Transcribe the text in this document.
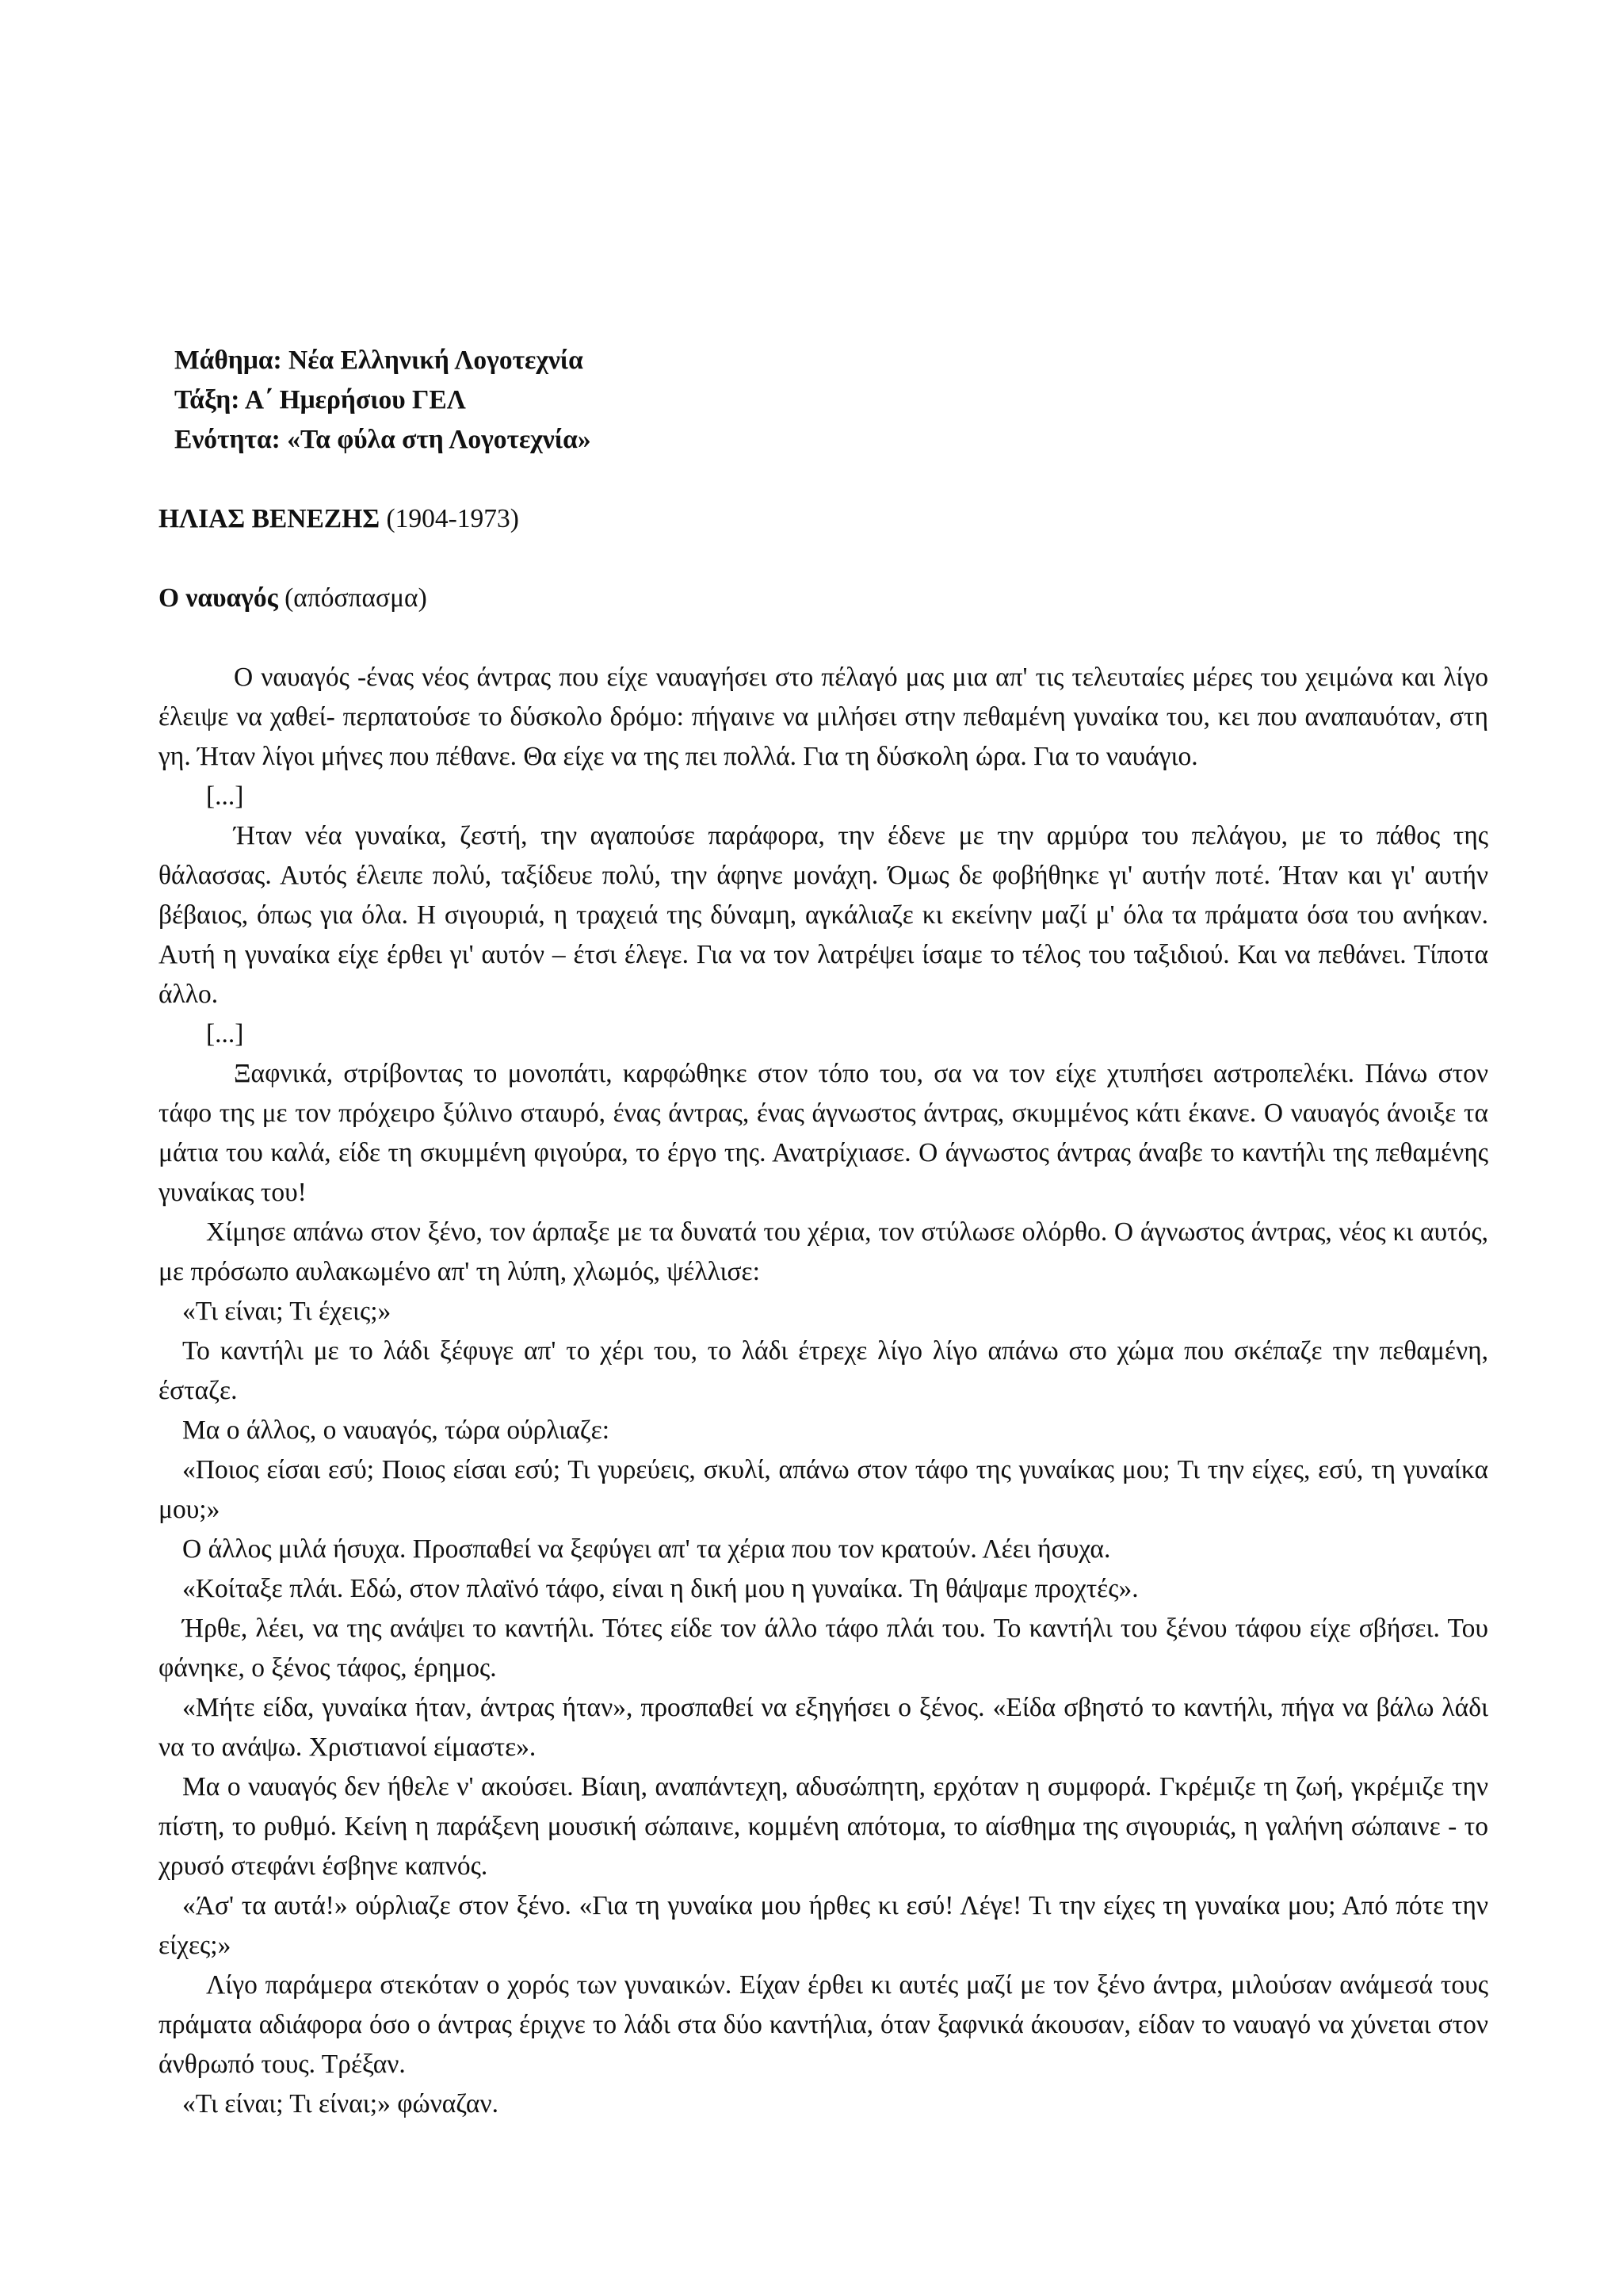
Μάθημα: Νέα Ελληνική Λογοτεχνία
Τάξη: Α΄ Ημερήσιου ΓΕΛ
Ενότητα: «Τα φύλα στη Λογοτεχνία»
ΗΛΙΑΣ ΒΕΝΕΖΗΣ (1904-1973)
Ο ναυαγός (απόσπασμα)

Ο ναυαγός -ένας νέος άντρας που είχε ναυαγήσει στο πέλαγό μας μια απ' τις τελευταίες μέρες του χειμώνα και λίγο έλειψε να χαθεί- περπατούσε το δύσκολο δρόμο: πήγαινε να μιλήσει στην πεθαμένη γυναίκα του, κει που αναπαυόταν, στη γη. Ήταν λίγοι μήνες που πέθανε. Θα είχε να της πει πολλά. Για τη δύσκολη ώρα. Για το ναυάγιο.

[...]

Ήταν νέα γυναίκα, ζεστή, την αγαπούσε παράφορα, την έδενε με την αρμύρα του πελάγου, με το πάθος της θάλασσας. Αυτός έλειπε πολύ, ταξίδευε πολύ, την άφηνε μονάχη. Όμως δε φοβήθηκε γι' αυτήν ποτέ. Ήταν και γι' αυτήν βέβαιος, όπως για όλα. Η σιγουριά, η τραχειά της δύναμη, αγκάλιαζε κι εκείνην μαζί μ' όλα τα πράματα όσα του ανήκαν. Αυτή η γυναίκα είχε έρθει γι' αυτόν – έτσι έλεγε. Για να τον λατρέψει ίσαμε το τέλος του ταξιδιού. Και να πεθάνει. Τίποτα άλλο.

[...]

Ξαφνικά, στρίβοντας το μονοπάτι, καρφώθηκε στον τόπο του, σα να τον είχε χτυπήσει αστροπελέκι. Πάνω στον τάφο της με τον πρόχειρο ξύλινο σταυρό, ένας άντρας, ένας άγνωστος άντρας, σκυμμένος κάτι έκανε. Ο ναυαγός άνοιξε τα μάτια του καλά, είδε τη σκυμμένη φιγούρα, το έργο της. Ανατρίχιασε. Ο άγνωστος άντρας άναβε το καντήλι της πεθαμένης γυναίκας του!

Χίμησε απάνω στον ξένο, τον άρπαξε με τα δυνατά του χέρια, τον στύλωσε ολόρθο. Ο άγνωστος άντρας, νέος κι αυτός, με πρόσωπο αυλακωμένο απ' τη λύπη, χλωμός, ψέλλισε:

«Τι είναι; Τι έχεις;»

Το καντήλι με το λάδι ξέφυγε απ' το χέρι του, το λάδι έτρεχε λίγο λίγο απάνω στο χώμα που σκέπαζε την πεθαμένη, έσταζε.

Μα ο άλλος, ο ναυαγός, τώρα ούρλιαζε:

«Ποιος είσαι εσύ; Ποιος είσαι εσύ; Τι γυρεύεις, σκυλί, απάνω στον τάφο της γυναίκας μου; Τι την είχες, εσύ, τη γυναίκα μου;»

Ο άλλος μιλά ήσυχα. Προσπαθεί να ξεφύγει απ' τα χέρια που τον κρατούν. Λέει ήσυχα.

«Κοίταξε πλάι. Εδώ, στον πλαϊνό τάφο, είναι η δική μου η γυναίκα. Τη θάψαμε προχτές».

Ήρθε, λέει, να της ανάψει το καντήλι. Τότες είδε τον άλλο τάφο πλάι του. Το καντήλι του ξένου τάφου είχε σβήσει. Του φάνηκε, ο ξένος τάφος, έρημος.

«Μήτε είδα, γυναίκα ήταν, άντρας ήταν», προσπαθεί να εξηγήσει ο ξένος. «Είδα σβηστό το καντήλι, πήγα να βάλω λάδι να το ανάψω. Χριστιανοί είμαστε».

Μα ο ναυαγός δεν ήθελε ν' ακούσει. Βίαιη, αναπάντεχη, αδυσώπητη, ερχόταν η συμφορά. Γκρέμιζε τη ζωή, γκρέμιζε την πίστη, το ρυθμό. Κείνη η παράξενη μουσική σώπαινε, κομμένη απότομα, το αίσθημα της σιγουριάς, η γαλήνη σώπαινε - το χρυσό στεφάνι έσβηνε καπνός.

«Άσ' τα αυτά!» ούρλιαζε στον ξένο. «Για τη γυναίκα μου ήρθες κι εσύ! Λέγε! Τι την είχες τη γυναίκα μου; Από πότε την είχες;»

Λίγο παράμερα στεκόταν ο χορός των γυναικών. Είχαν έρθει κι αυτές μαζί με τον ξένο άντρα, μιλούσαν ανάμεσά τους πράματα αδιάφορα όσο ο άντρας έριχνε το λάδι στα δύο καντήλια, όταν ξαφνικά άκουσαν, είδαν το ναυαγό να χύνεται στον άνθρωπό τους. Τρέξαν.

«Τι είναι; Τι είναι;» φώναζαν.
